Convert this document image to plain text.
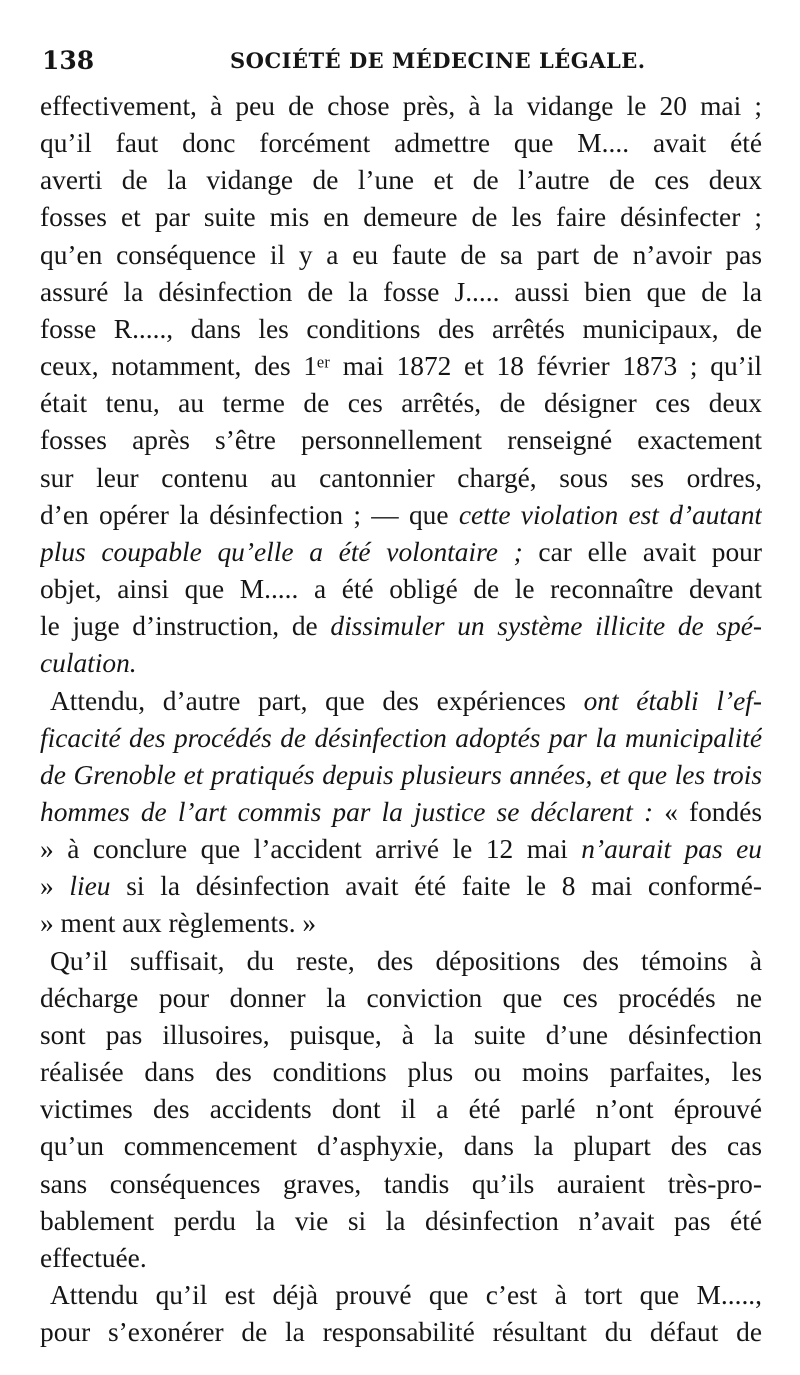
138	SOCIÉTÉ DE MÉDECINE LÉGALE.
effectivement, à peu de chose près, à la vidange le 20 mai ;
qu’il faut donc forcément admettre que M.... avait été
averti de la vidange de l’une et de l’autre de ces deux
fosses et par suite mis en demeure de les faire désinfecter ;
qu’en conséquence il y a eu faute de sa part de n’avoir pas
assuré la désinfection de la fosse J..... aussi bien que de la
fosse R....., dans les conditions des arrêtés municipaux, de
ceux, notamment, des 1ᵉʳ mai 1872 et 18 février 1873 ; qu’il
était tenu, au terme de ces arrêtés, de désigner ces deux
fosses après s’être personnellement renseigné exactement
sur leur contenu au cantonnier chargé, sous ses ordres,
d’en opérer la désinfection ; — que cette violation est d’autant
plus coupable qu’elle a été volontaire ; car elle avait pour
objet, ainsi que M..... a été obligé de le reconnaître devant
le juge d’instruction, de dissimuler un système illicite de spé-
culation.
Attendu, d’autre part, que des expériences ont établi l’ef-
ficacité des procédés de désinfection adoptés par la municipalité
de Grenoble et pratiqués depuis plusieurs années, et que les trois
hommes de l’art commis par la justice se déclarent : « fondés
» à conclure que l’accident arrivé le 12 mai n’aurait pas eu
» lieu si la désinfection avait été faite le 8 mai conformé-
» ment aux règlements. »
Qu’il suffisait, du reste, des dépositions des témoins à
décharge pour donner la conviction que ces procédés ne
sont pas illusoires, puisque, à la suite d’une désinfection
réalisée dans des conditions plus ou moins parfaites, les
victimes des accidents dont il a été parlé n’ont éprouvé
qu’un commencement d’asphyxie, dans la plupart des cas
sans conséquences graves, tandis qu’ils auraient très-pro-
bablement perdu la vie si la désinfection n’avait pas été
effectuée.
Attendu qu’il est déjà prouvé que c’est à tort que M.....,
pour s’exonérer de la responsabilité résultant du défaut de
